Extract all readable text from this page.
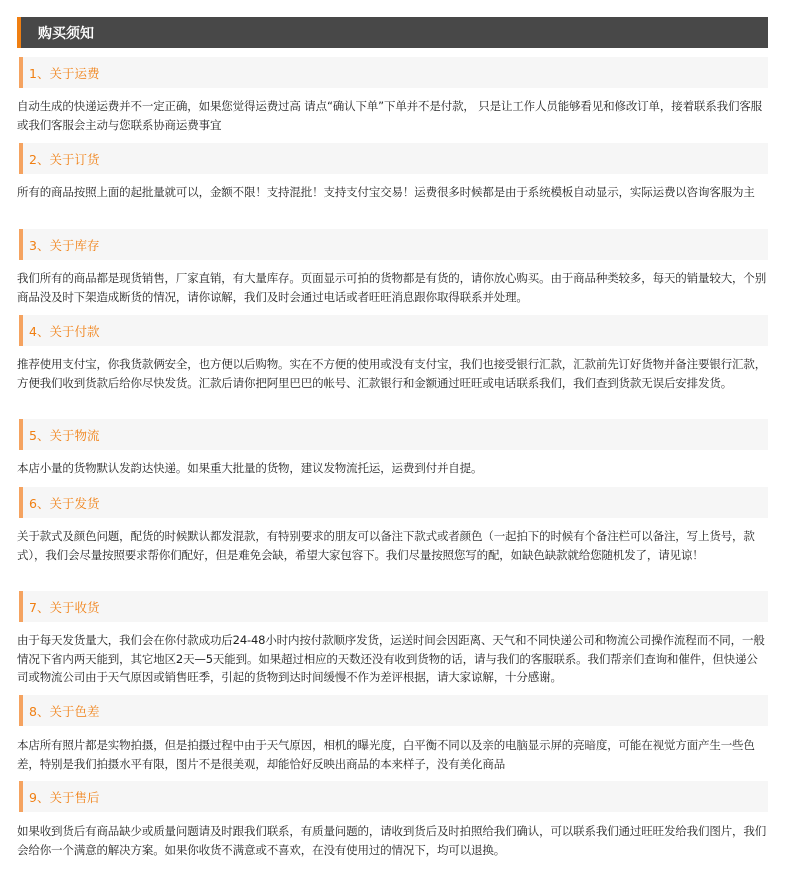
购买须知
1、关于运费
自动生成的快递运费并不一定正确，如果您觉得运费过高 请点“确认下单”下单并不是付款， 只是让工作人员能够看见和修改订单，接着联系我们客服或我们客服会主动与您联系协商运费事宜
2、关于订货
所有的商品按照上面的起批量就可以，金额不限！支持混批！支持支付宝交易！运费很多时候都是由于系统模板自动显示，实际运费以咨询客服为主
3、关于库存
我们所有的商品都是现货销售，厂家直销，有大量库存。页面显示可拍的货物都是有货的，请你放心购买。由于商品种类较多，每天的销量较大，个别商品没及时下架造成断货的情况，请你谅解，我们及时会通过电话或者旺旺消息跟你取得联系并处理。
4、关于付款
推荐使用支付宝，你我货款俩安全，也方便以后购物。实在不方便的使用或没有支付宝，我们也接受银行汇款，汇款前先订好货物并备注要银行汇款，方便我们收到货款后给你尽快发货。汇款后请你把阿里巴巴的帐号、汇款银行和金额通过旺旺或电话联系我们，我们查到货款无误后安排发货。
5、关于物流
本店小量的货物默认发韵达快递。如果重大批量的货物，建议发物流托运，运费到付并自提。
6、关于发货
关于款式及颜色问题，配货的时候默认都发混款，有特别要求的朋友可以备注下款式或者颜色（一起拍下的时候有个备注栏可以备注，写上货号，款式），我们会尽量按照要求帮你们配好，但是难免会缺，希望大家包容下。我们尽量按照您写的配，如缺色缺款就给您随机发了，请见谅！
7、关于收货
由于每天发货量大，我们会在你付款成功后24-48小时内按付款顺序发货，运送时间会因距离、天气和不同快递公司和物流公司操作流程而不同，一般情况下省内两天能到，其它地区2天—5天能到。如果超过相应的天数还没有收到货物的话，请与我们的客服联系。我们帮亲们查询和催件，但快递公司或物流公司由于天气原因或销售旺季，引起的货物到达时间缓慢不作为差评根据，请大家谅解，十分感谢。
8、关于色差
本店所有照片都是实物拍摄，但是拍摄过程中由于天气原因，相机的曝光度，白平衡不同以及亲的电脑显示屏的亮暗度，可能在视觉方面产生一些色差，特别是我们拍摄水平有限，图片不是很美观，却能恰好反映出商品的本来样子，没有美化商品
9、关于售后
如果收到货后有商品缺少或质量问题请及时跟我们联系，有质量问题的，请收到货后及时拍照给我们确认，可以联系我们通过旺旺发给我们图片，我们会给你一个满意的解决方案。如果你收货不满意或不喜欢，在没有使用过的情况下，均可以退换。
